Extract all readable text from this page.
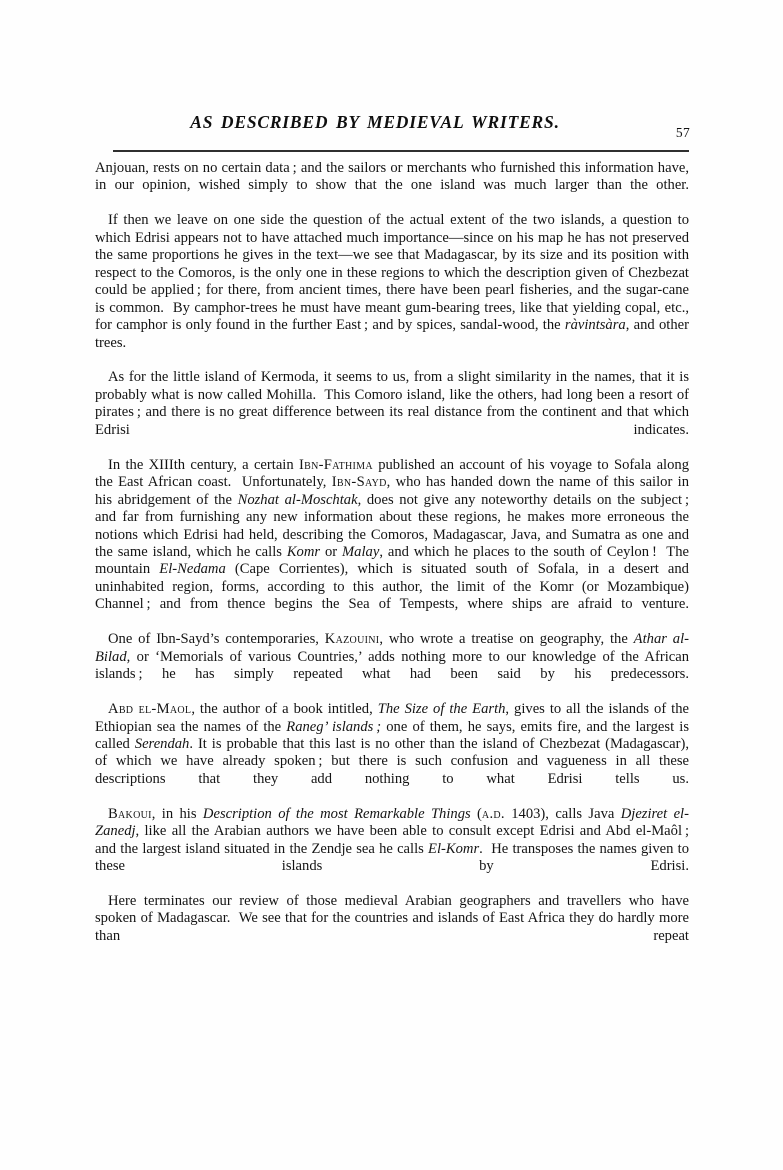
AS DESCRIBED BY MEDIEVAL WRITERS.
57

Anjouan, rests on no certain data ; and the sailors or merchants who furnished this information have, in our opinion, wished simply to show that the one island was much larger than the other.

If then we leave on one side the question of the actual extent of the two islands, a question to which Edrisi appears not to have attached much importance—since on his map he has not preserved the same proportions he gives in the text—we see that Madagascar, by its size and its position with respect to the Comoros, is the only one in these regions to which the description given of Chezbezat could be applied ; for there, from ancient times, there have been pearl fisheries, and the sugar-cane is common.  By camphor-trees he must have meant gum-bearing trees, like that yielding copal, etc., for camphor is only found in the further East ; and by spices, sandal-wood, the ràvintsàra, and other trees.

As for the little island of Kermoda, it seems to us, from a slight similarity in the names, that it is probably what is now called Mohilla.  This Comoro island, like the others, had long been a resort of pirates ; and there is no great difference between its real distance from the continent and that which Edrisi indicates.

In the XIIIth century, a certain Ibn-Fathima published an account of his voyage to Sofala along the East African coast.  Unfortunately, Ibn-Sayd, who has handed down the name of this sailor in his abridgement of the Nozhat al-Moschtak, does not give any noteworthy details on the subject ; and far from furnishing any new information about these regions, he makes more erroneous the notions which Edrisi had held, describing the Comoros, Madagascar, Java, and Sumatra as one and the same island, which he calls Komr or Malay, and which he places to the south of Ceylon !  The mountain El-Nedama (Cape Corrientes), which is situated south of Sofala, in a desert and uninhabited region, forms, according to this author, the limit of the Komr (or Mozambique) Channel ; and from thence begins the Sea of Tempests, where ships are afraid to venture.

One of Ibn-Sayd’s contemporaries, Kazouini, who wrote a treatise on geography, the Athar al-Bilad, or ‘Memorials of various Countries,’ adds nothing more to our knowledge of the African islands ; he has simply repeated what had been said by his predecessors.

Abd el-Maol, the author of a book intitled, The Size of the Earth, gives to all the islands of the Ethiopian sea the names of the Raneg’ islands ; one of them, he says, emits fire, and the largest is called Serendah. It is probable that this last is no other than the island of Chezbezat (Madagascar), of which we have already spoken ; but there is such confusion and vagueness in all these descriptions that they add nothing to what Edrisi tells us.

Bakoui, in his Description of the most Remarkable Things (a.d. 1403), calls Java Djeziret el-Zanedj, like all the Arabian authors we have been able to consult except Edrisi and Abd el-Maôl ; and the largest island situated in the Zendje sea he calls El-Komr.  He transposes the names given to these islands by Edrisi.

Here terminates our review of those medieval Arabian geographers and travellers who have spoken of Madagascar.  We see that for the countries and islands of East Africa they do hardly more than repeat
